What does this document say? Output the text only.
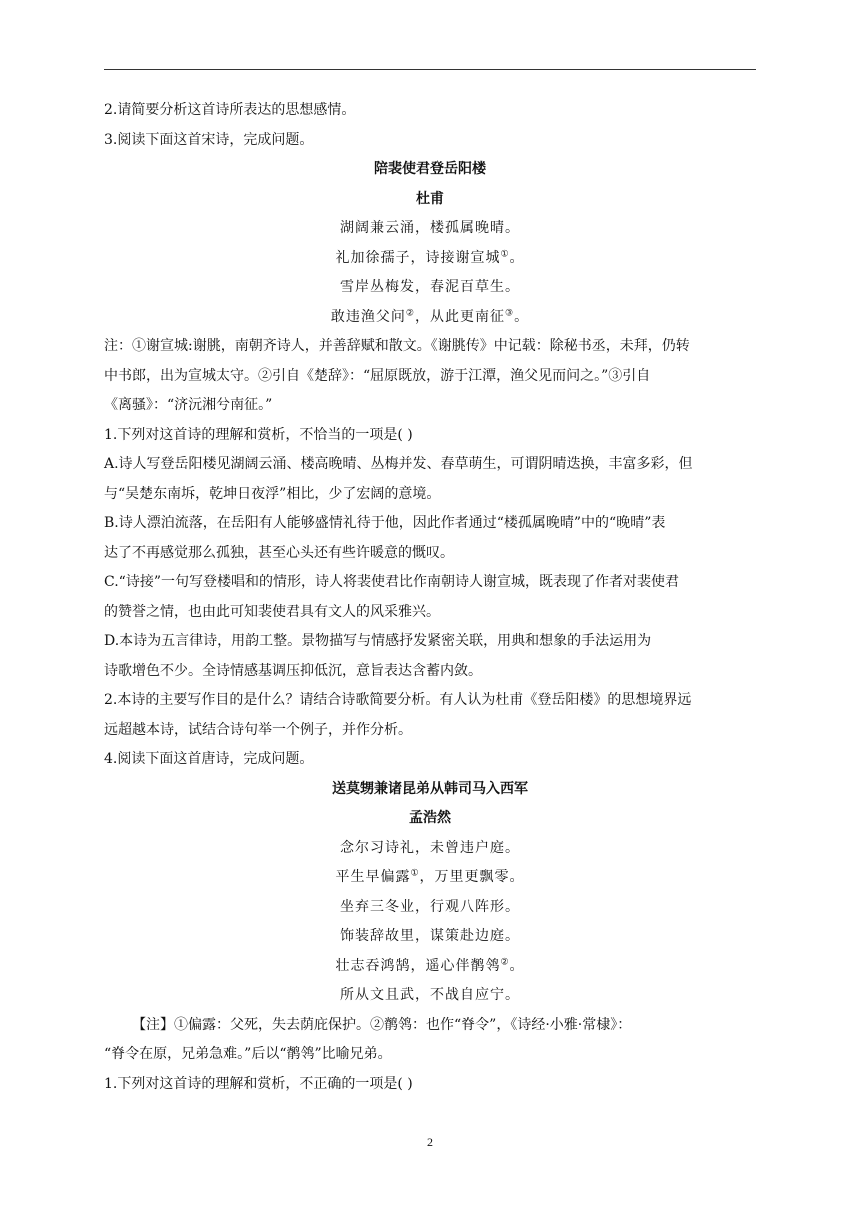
2.请简要分析这首诗所表达的思想感情。

3.阅读下面这首宋诗，完成问题。

陪裴使君登岳阳楼

杜甫

湖阔兼云涌，楼孤属晚晴。

礼加徐孺子，诗接谢宣城①。

雪岸丛梅发，春泥百草生。

敢违渔父问②，从此更南征③。

注：①谢宣城:谢朓，南朝齐诗人，并善辞赋和散文。《谢朓传》中记载：除秘书丞，未拜，仍转

中书郎，出为宣城太守。②引自《楚辞》：“屈原既放，游于江潭，渔父见而问之。”③引自

《离骚》：“济沅湘兮南征。”

1.下列对这首诗的理解和赏析，不恰当的一项是( )

A.诗人写登岳阳楼见湖阔云涌、楼高晚晴、丛梅并发、春草萌生，可谓阴晴迭换，丰富多彩，但

与“吴楚东南坼，乾坤日夜浮”相比，少了宏阔的意境。

B.诗人漂泊流落，在岳阳有人能够盛情礼待于他，因此作者通过“楼孤属晚晴”中的“晚晴”表

达了不再感觉那么孤独，甚至心头还有些许暖意的慨叹。

C.“诗接”一句写登楼唱和的情形，诗人将裴使君比作南朝诗人谢宣城，既表现了作者对裴使君

的赞誉之情，也由此可知裴使君具有文人的风采雅兴。

D.本诗为五言律诗，用韵工整。景物描写与情感抒发紧密关联，用典和想象的手法运用为

诗歌增色不少。全诗情感基调压抑低沉，意旨表达含蓄内敛。

2.本诗的主要写作目的是什么？请结合诗歌简要分析。有人认为杜甫《登岳阳楼》的思想境界远

远超越本诗，试结合诗句举一个例子，并作分析。

4.阅读下面这首唐诗，完成问题。

送莫甥兼诸昆弟从韩司马入西军

孟浩然

念尔习诗礼，未曾违户庭。

平生早偏露①，万里更飘零。

坐弃三冬业，行观八阵形。

饰装辞故里，谋策赴边庭。

壮志吞鸿鹄，遥心伴鹡鸰②。

所从文且武，不战自应宁。

【注】①偏露：父死，失去荫庇保护。②鹡鸰：也作“脊令”，《诗经·小雅·常棣》：

“脊令在原，兄弟急难。”后以“鹡鸰”比喻兄弟。

1.下列对这首诗的理解和赏析，不正确的一项是( )

2
